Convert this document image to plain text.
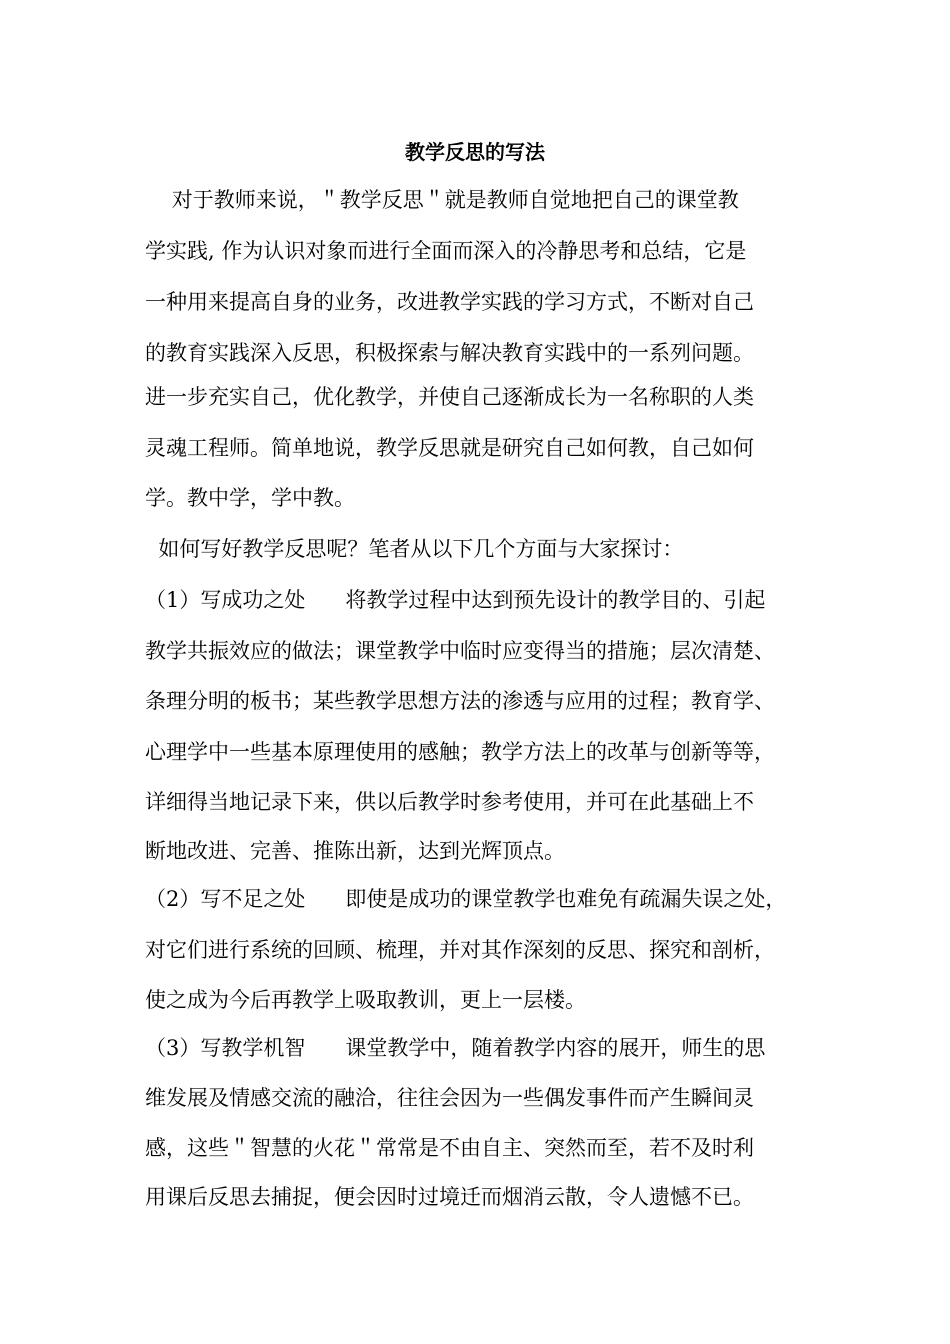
教学反思的写法
对于教师来说，＂教学反思＂就是教师自觉地把自己的课堂教
学实践, 作为认识对象而进行全面而深入的冷静思考和总结，它是
一种用来提高自身的业务，改进教学实践的学习方式，不断对自己
的教育实践深入反思，积极探索与解决教育实践中的一系列问题。
进一步充实自己，优化教学，并使自己逐渐成长为一名称职的人类
灵魂工程师。简单地说，教学反思就是研究自己如何教，自己如何
学。教中学，学中教。
如何写好教学反思呢？笔者从以下几个方面与大家探讨：
（1）写成功之处 将教学过程中达到预先设计的教学目的、引起
教学共振效应的做法；课堂教学中临时应变得当的措施；层次清楚、
条理分明的板书；某些教学思想方法的渗透与应用的过程；教育学、
心理学中一些基本原理使用的感触；教学方法上的改革与创新等等，
详细得当地记录下来，供以后教学时参考使用，并可在此基础上不
断地改进、完善、推陈出新，达到光辉顶点。
（2）写不足之处 即使是成功的课堂教学也难免有疏漏失误之处，
对它们进行系统的回顾、梳理，并对其作深刻的反思、探究和剖析，
使之成为今后再教学上吸取教训，更上一层楼。
（3）写教学机智 课堂教学中，随着教学内容的展开，师生的思
维发展及情感交流的融洽，往往会因为一些偶发事件而产生瞬间灵
感，这些＂智慧的火花＂常常是不由自主、突然而至，若不及时利
用课后反思去捕捉，便会因时过境迁而烟消云散，令人遗憾不已。
